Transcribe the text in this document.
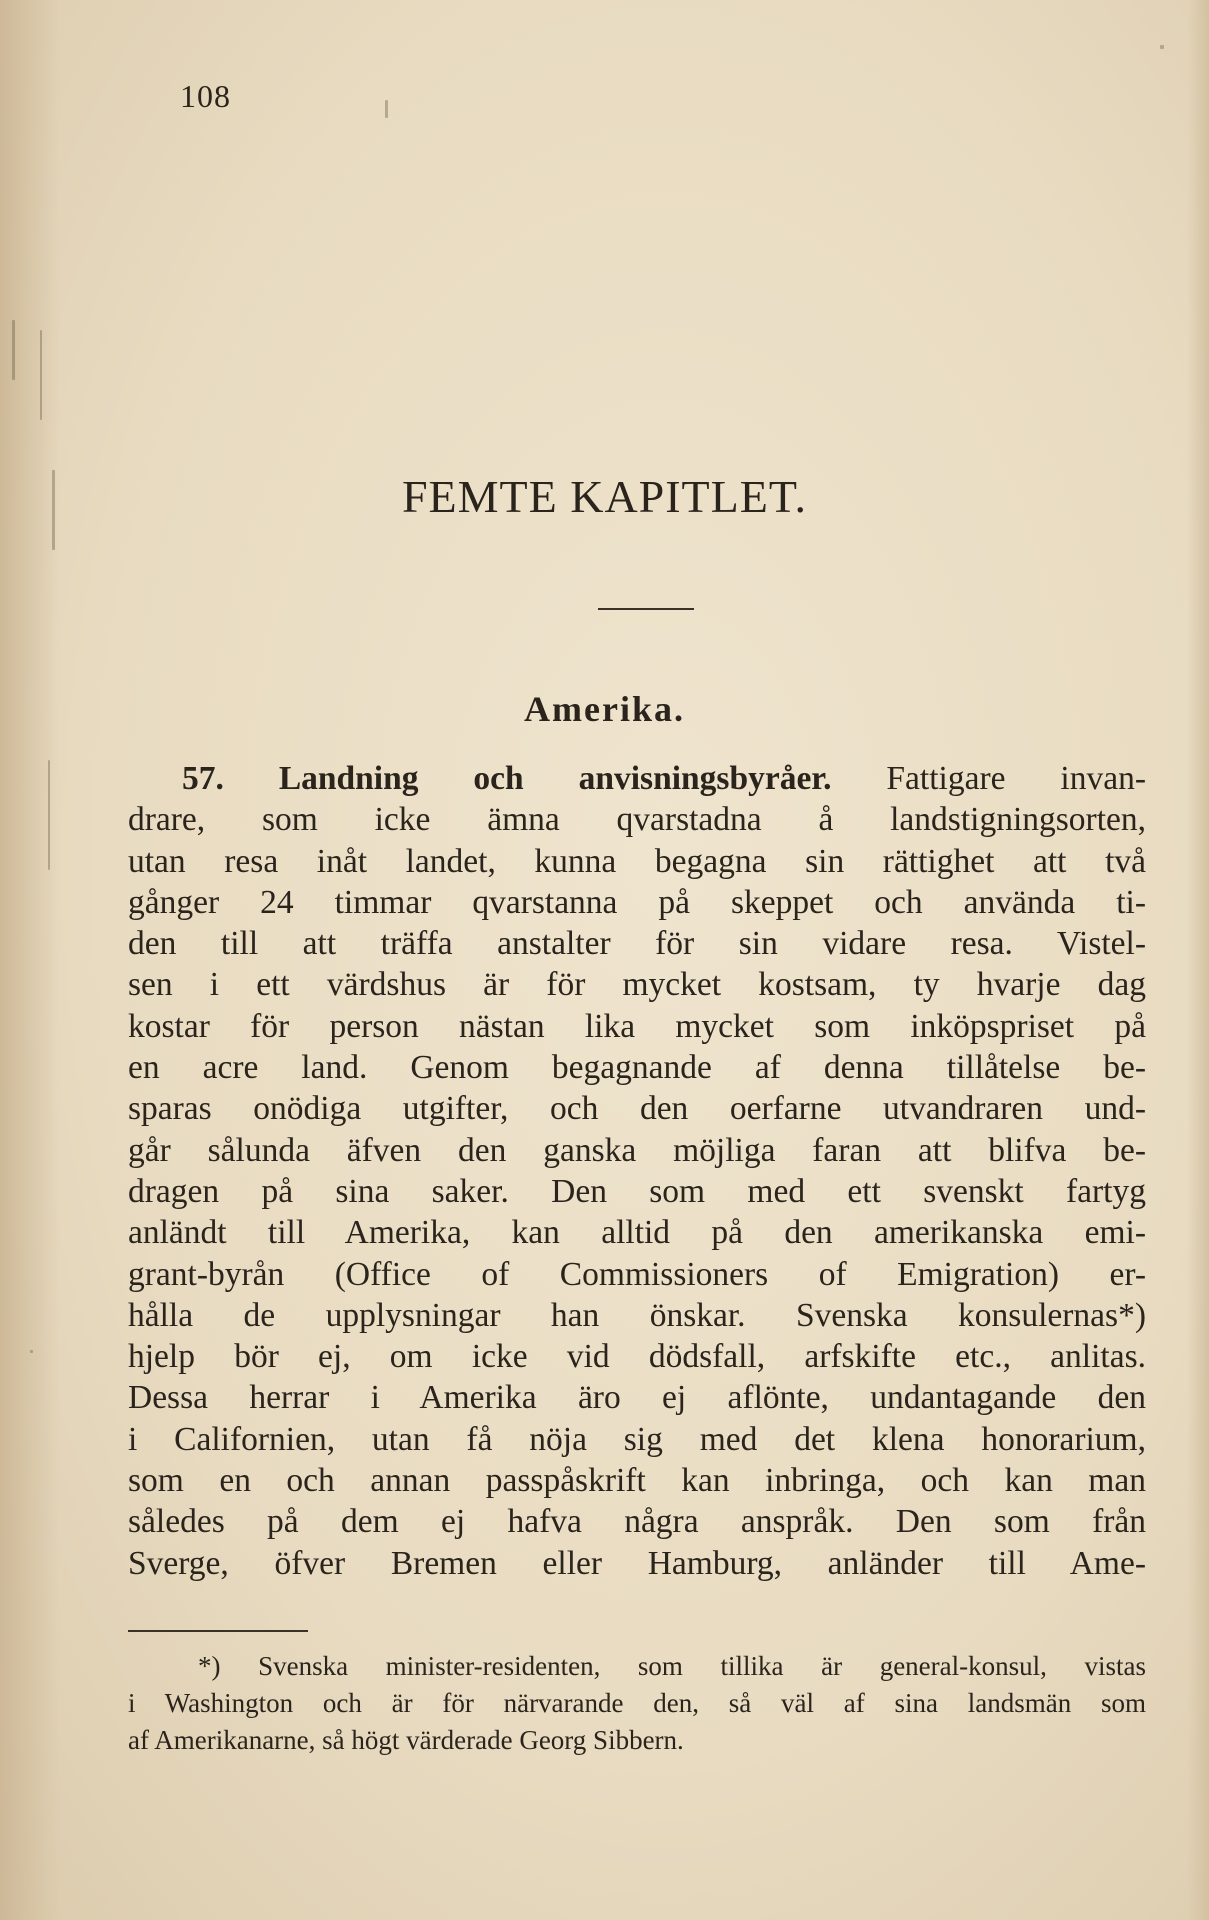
108
FEMTE KAPITLET.
Amerika.
57. Landning och anvisningsbyråer. Fattigare invan-
drare, som icke ämna qvarstadna å landstigningsorten,
utan resa inåt landet, kunna begagna sin rättighet att två
gånger 24 timmar qvarstanna på skeppet och använda ti-
den till att träffa anstalter för sin vidare resa. Vistel-
sen i ett värdshus är för mycket kostsam, ty hvarje dag
kostar för person nästan lika mycket som inköpspriset på
en acre land. Genom begagnande af denna tillåtelse be-
sparas onödiga utgifter, och den oerfarne utvandraren und-
går sålunda äfven den ganska möjliga faran att blifva be-
dragen på sina saker. Den som med ett svenskt fartyg
anländt till Amerika, kan alltid på den amerikanska emi-
grant-byrån (Office of Commissioners of Emigration) er-
hålla de upplysningar han önskar. Svenska konsulernas*)
hjelp bör ej, om icke vid dödsfall, arfskifte etc., anlitas.
Dessa herrar i Amerika äro ej aflönte, undantagande den
i Californien, utan få nöja sig med det klena honorarium,
som en och annan passpåskrift kan inbringa, och kan man
således på dem ej hafva några anspråk. Den som från
Sverge, öfver Bremen eller Hamburg, anländer till Ame-
*) Svenska minister-residenten, som tillika är general-konsul, vistas
i Washington och är för närvarande den, så väl af sina landsmän som
af Amerikanarne, så högt värderade Georg Sibbern.
